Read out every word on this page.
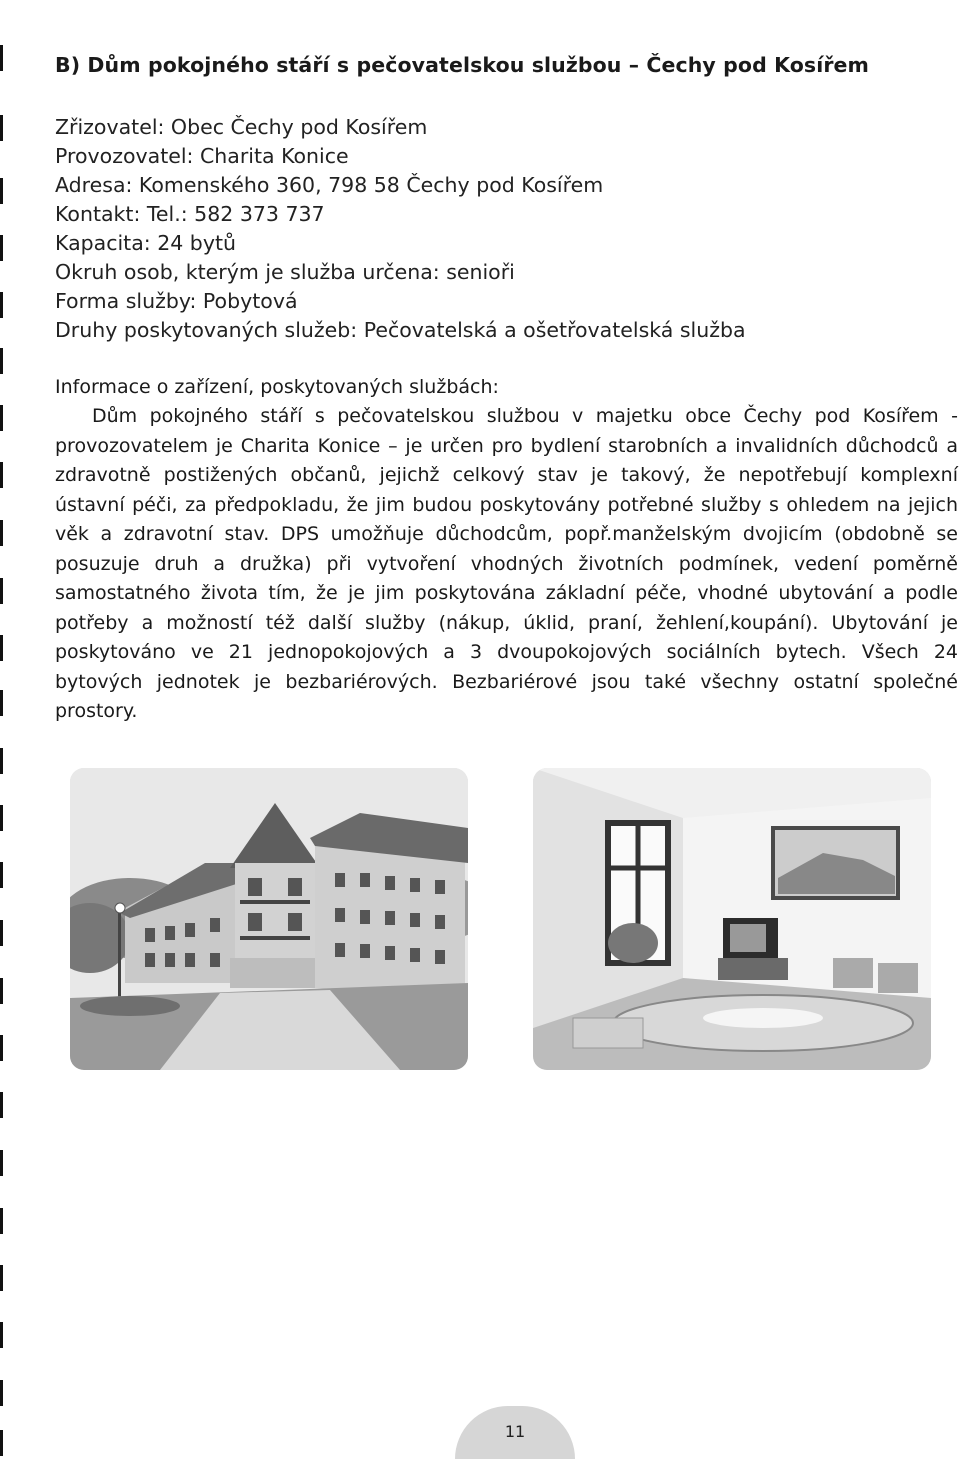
B) Dům pokojného stáří s pečovatelskou službou – Čechy pod Kosířem
Zřizovatel: Obec Čechy pod Kosířem
Provozovatel: Charita Konice
Adresa: Komenského 360, 798 58 Čechy pod Kosířem
Kontakt: Tel.: 582 373 737
Kapacita: 24 bytů
Okruh osob, kterým je služba určena: senioři
Forma služby: Pobytová
Druhy poskytovaných služeb: Pečovatelská a ošetřovatelská služba
Informace o zařízení, poskytovaných službách:

Dům pokojného stáří s pečovatelskou službou v majetku obce Čechy pod Kosířem - provozovatelem je Charita Konice – je určen pro bydlení starobních a invalidních důchodců a zdravotně postižených občanů, jejichž celkový stav je takový, že nepotřebují komplexní ústavní péči, za předpokladu, že jim budou poskytovány potřebné služby s ohledem na jejich věk a zdravotní stav. DPS umožňuje důchodcům, popř.manželským dvojicím (obdobně se posuzuje druh a družka) při vytvoření vhodných životních podmínek, vedení poměrně samostatného života tím, že je jim poskytována základní péče, vhodné ubytování a podle potřeby a možností též další služby (nákup, úklid, praní, žehlení,koupání). Ubytování je poskytováno ve 21 jednopokojových a 3 dvoupokojových sociálních bytech. Všech 24 bytových jednotek je bezbariérových. Bezbariérové jsou také všechny ostatní společné prostory.

11
